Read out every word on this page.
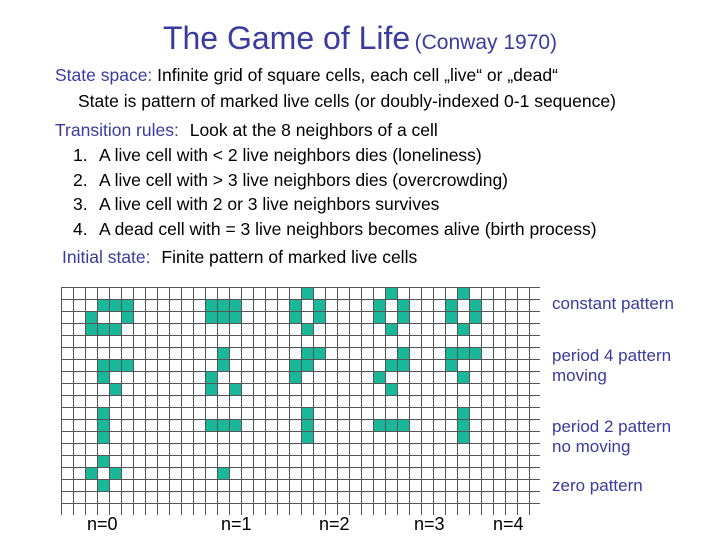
The Game of Life (Conway 1970)
State space: Infinite grid of square cells, each cell „live“ or „dead“
State is pattern of marked live cells (or doubly-indexed 0-1 sequence)
Transition rules: Look at the 8 neighbors of a cell
1. A live cell with < 2 live neighbors dies (loneliness)
2. A live cell with > 3 live neighbors dies (overcrowding)
3. A live cell with 2 or 3 live neighbors survives
4. A dead cell with = 3 live neighbors becomes alive (birth process)
Initial state: Finite pattern of marked live cells
constant pattern
period 4 pattern
moving
period 2 pattern
no moving
zero pattern
n=0	n=1	n=2	n=3	n=4
